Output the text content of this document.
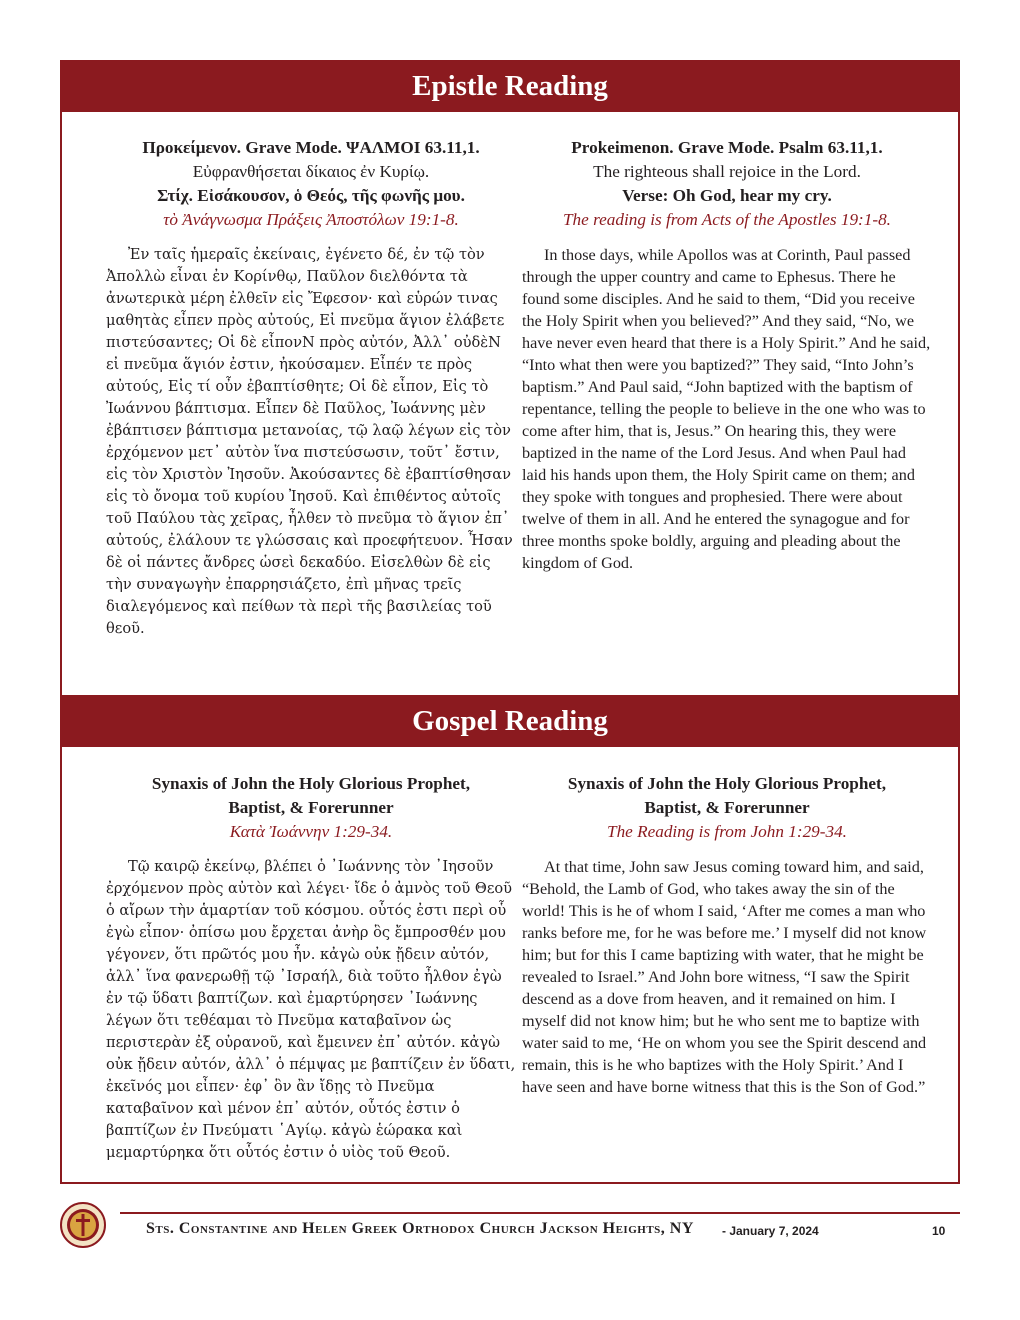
Epistle Reading
Προκείμενον. Grave Mode. ΨΑΛΜΟΙ 63.11,1.
Εὐφρανθήσεται δίκαιος ἐν Κυρίῳ.
Στίχ. Εἰσάκουσον, ὁ Θεός, τῆς φωνῆς μου.
τὸ Ἀνάγνωσμα Πράξεις Ἀποστόλων 19:1-8.
Ἐν ταῖς ἡμεραῖς ἐκείναις, ἐγένετο δέ, ἐν τῷ τὸν Ἀπολλὼ εἶναι ἐν Κορίνθῳ, Παῦλον διελθόντα τὰ ἀνωτερικὰ μέρη ἐλθεῖν εἰς Ἔφεσον· καὶ εὑρών τινας μαθητὰς εἶπεν πρὸς αὐτούς, Εἰ πνεῦμα ἅγιον ἐλάβετε πιστεύσαντες; Οἱ δὲ εἶπονΝ πρὸς αὐτόν, Ἀλλ᾽ οὐδὲΝ εἰ πνεῦμα ἅγιόν ἐστιν, ἠκούσαμεν. Εἶπέν τε πρὸς αὐτούς, Εἰς τί οὖν ἐβαπτίσθητε; Οἱ δὲ εἶπον, Εἰς τὸ Ἰωάννου βάπτισμα. Εἶπεν δὲ Παῦλος, Ἰωάννης μὲν ἐβάπτισεν βάπτισμα μετανοίας, τῷ λαῷ λέγων εἰς τὸν ἐρχόμενον μετ᾽ αὐτὸν ἵνα πιστεύσωσιν, τοῦτ᾽ ἔστιν, εἰς τὸν Χριστὸν Ἰησοῦν. Ἀκούσαντες δὲ ἐβαπτίσθησαν εἰς τὸ ὄνομα τοῦ κυρίου Ἰησοῦ. Καὶ ἐπιθέντος αὐτοῖς τοῦ Παύλου τὰς χεῖρας, ἦλθεν τὸ πνεῦμα τὸ ἅγιον ἐπ᾽ αὐτούς, ἐλάλουν τε γλώσσαις καὶ προεφήτευον. Ἦσαν δὲ οἱ πάντες ἄνδρες ὡσεὶ δεκαδύο. Εἰσελθὼν δὲ εἰς τὴν συναγωγὴν ἐπαρρησιάζετο, ἐπὶ μῆνας τρεῖς διαλεγόμενος καὶ πείθων τὰ περὶ τῆς βασιλείας τοῦ θεοῦ.
Prokeimenon. Grave Mode. Psalm 63.11,1.
The righteous shall rejoice in the Lord.
Verse: Oh God, hear my cry.
The reading is from Acts of the Apostles 19:1-8.
In those days, while Apollos was at Corinth, Paul passed through the upper country and came to Ephesus. There he found some disciples. And he said to them, “Did you receive the Holy Spirit when you believed?” And they said, “No, we have never even heard that there is a Holy Spirit.” And he said, “Into what then were you baptized?” They said, “Into John’s baptism.” And Paul said, “John baptized with the baptism of repentance, telling the people to believe in the one who was to come after him, that is, Jesus.” On hearing this, they were baptized in the name of the Lord Jesus. And when Paul had laid his hands upon them, the Holy Spirit came on them; and they spoke with tongues and prophesied. There were about twelve of them in all. And he entered the synagogue and for three months spoke boldly, arguing and pleading about the kingdom of God.
Gospel Reading
Synaxis of John the Holy Glorious Prophet,
Baptist, & Forerunner
Κατὰ Ἰωάννην 1:29-34.
Τῷ καιρῷ ἐκείνῳ, βλέπει ὁ ᾿Ιωάννης τὸν ᾿Ιησοῦν ἐρχόμενον πρὸς αὐτὸν καὶ λέγει· ἴδε ὁ ἀμνὸς τοῦ Θεοῦ ὁ αἴρων τὴν ἁμαρτίαν τοῦ κόσμου. οὗτός ἐστι περὶ οὗ ἐγὼ εἶπον· ὀπίσω μου ἔρχεται ἀνὴρ ὃς ἔμπροσθέν μου γέγονεν, ὅτι πρῶτός μου ἦν. κἀγὼ οὐκ ᾔδειν αὐτόν, ἀλλ᾿ ἵνα φανερωθῇ τῷ ᾿Ισραήλ, διὰ τοῦτο ἦλθον ἐγὼ ἐν τῷ ὕδατι βαπτίζων. καὶ ἐμαρτύρησεν ᾿Ιωάννης λέγων ὅτι τεθέαμαι τὸ Πνεῦμα καταβαῖνον ὡς περιστερὰν ἐξ οὐρανοῦ, καὶ ἔμεινεν ἐπ᾿ αὐτόν. κἀγὼ οὐκ ᾔδειν αὐτόν, ἀλλ᾿ ὁ πέμψας με βαπτίζειν ἐν ὕδατι, ἐκεῖνός μοι εἶπεν· ἐφ᾿ ὃν ἂν ἴδῃς τὸ Πνεῦμα καταβαῖνον καὶ μένον ἐπ᾿ αὐτόν, οὗτός ἐστιν ὁ βαπτίζων ἐν Πνεύματι ῾Αγίῳ. κἀγὼ ἑώρακα καὶ μεμαρτύρηκα ὅτι οὗτός ἐστιν ὁ υἱὸς τοῦ Θεοῦ.
Synaxis of John the Holy Glorious Prophet,
Baptist, & Forerunner
The Reading is from John 1:29-34.
At that time, John saw Jesus coming toward him, and said, “Behold, the Lamb of God, who takes away the sin of the world! This is he of whom I said, ‘After me comes a man who ranks before me, for he was before me.’ I myself did not know him; but for this I came baptizing with water, that he might be revealed to Israel.” And John bore witness, “I saw the Spirit descend as a dove from heaven, and it remained on him. I myself did not know him; but he who sent me to baptize with water said to me, ‘He on whom you see the Spirit descend and remain, this is he who baptizes with the Holy Spirit.’ And I have seen and have borne witness that this is the Son of God.”
Sts. Constantine and Helen Greek Orthodox Church Jackson Heights, NY - January 7, 2024	10
